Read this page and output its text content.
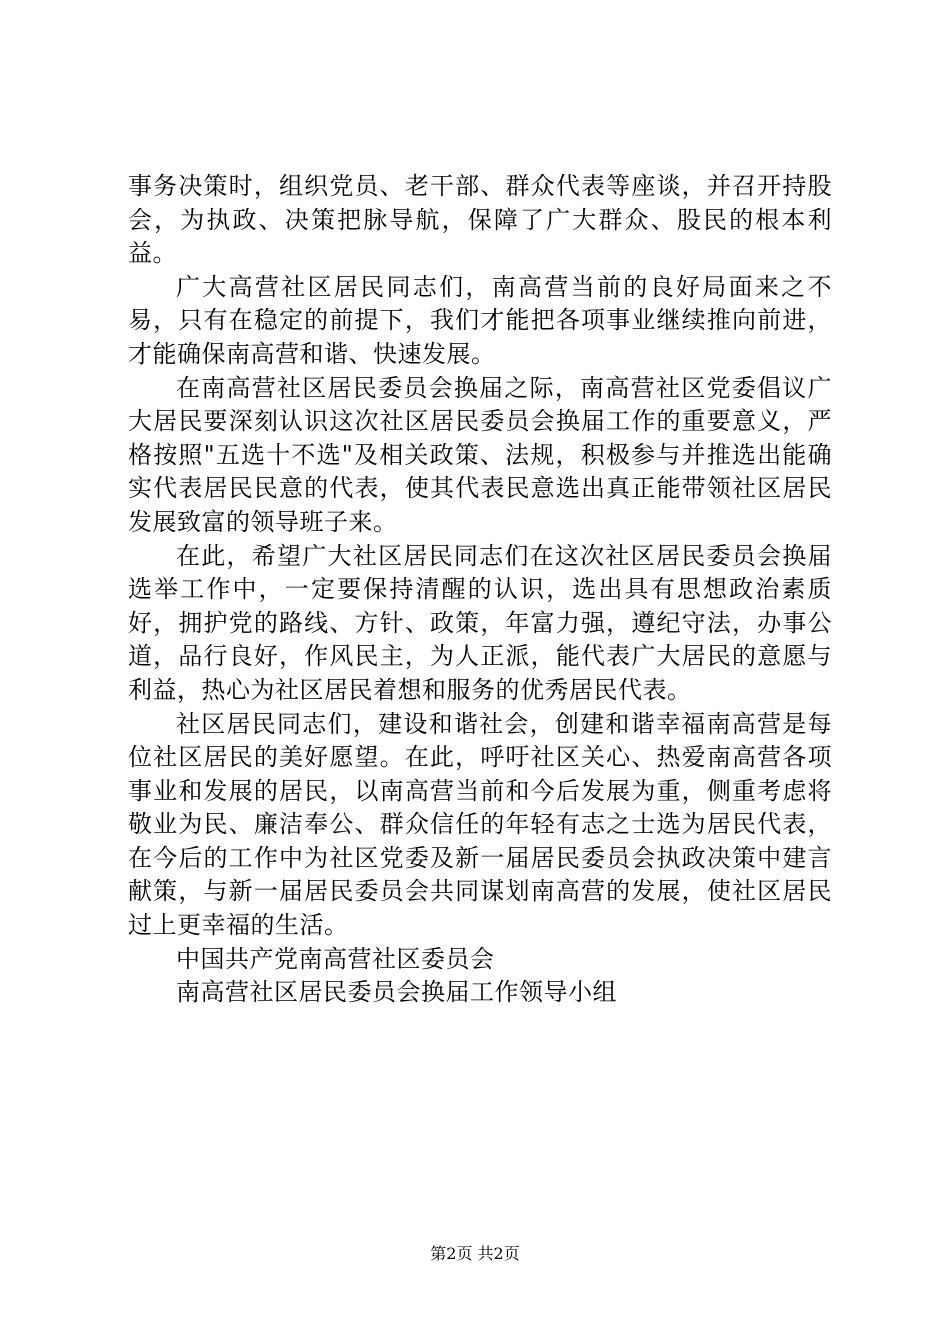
事务决策时，组织党员、老干部、群众代表等座谈，并召开持股会，为执政、决策把脉导航，保障了广大群众、股民的根本利益。

广大高营社区居民同志们，南高营当前的良好局面来之不易，只有在稳定的前提下，我们才能把各项事业继续推向前进，才能确保南高营和谐、快速发展。

在南高营社区居民委员会换届之际，南高营社区党委倡议广大居民要深刻认识这次社区居民委员会换届工作的重要意义，严格按照"五选十不选"及相关政策、法规，积极参与并推选出能确实代表居民民意的代表，使其代表民意选出真正能带领社区居民发展致富的领导班子来。

在此，希望广大社区居民同志们在这次社区居民委员会换届选举工作中，一定要保持清醒的认识，选出具有思想政治素质好，拥护党的路线、方针、政策，年富力强，遵纪守法，办事公道，品行良好，作风民主，为人正派，能代表广大居民的意愿与利益，热心为社区居民着想和服务的优秀居民代表。

社区居民同志们，建设和谐社会，创建和谐幸福南高营是每位社区居民的美好愿望。在此，呼吁社区关心、热爱南高营各项事业和发展的居民，以南高营当前和今后发展为重，侧重考虑将敬业为民、廉洁奉公、群众信任的年轻有志之士选为居民代表，在今后的工作中为社区党委及新一届居民委员会执政决策中建言献策，与新一届居民委员会共同谋划南高营的发展，使社区居民过上更幸福的生活。

中国共产党南高营社区委员会

南高营社区居民委员会换届工作领导小组

第2页 共2页
